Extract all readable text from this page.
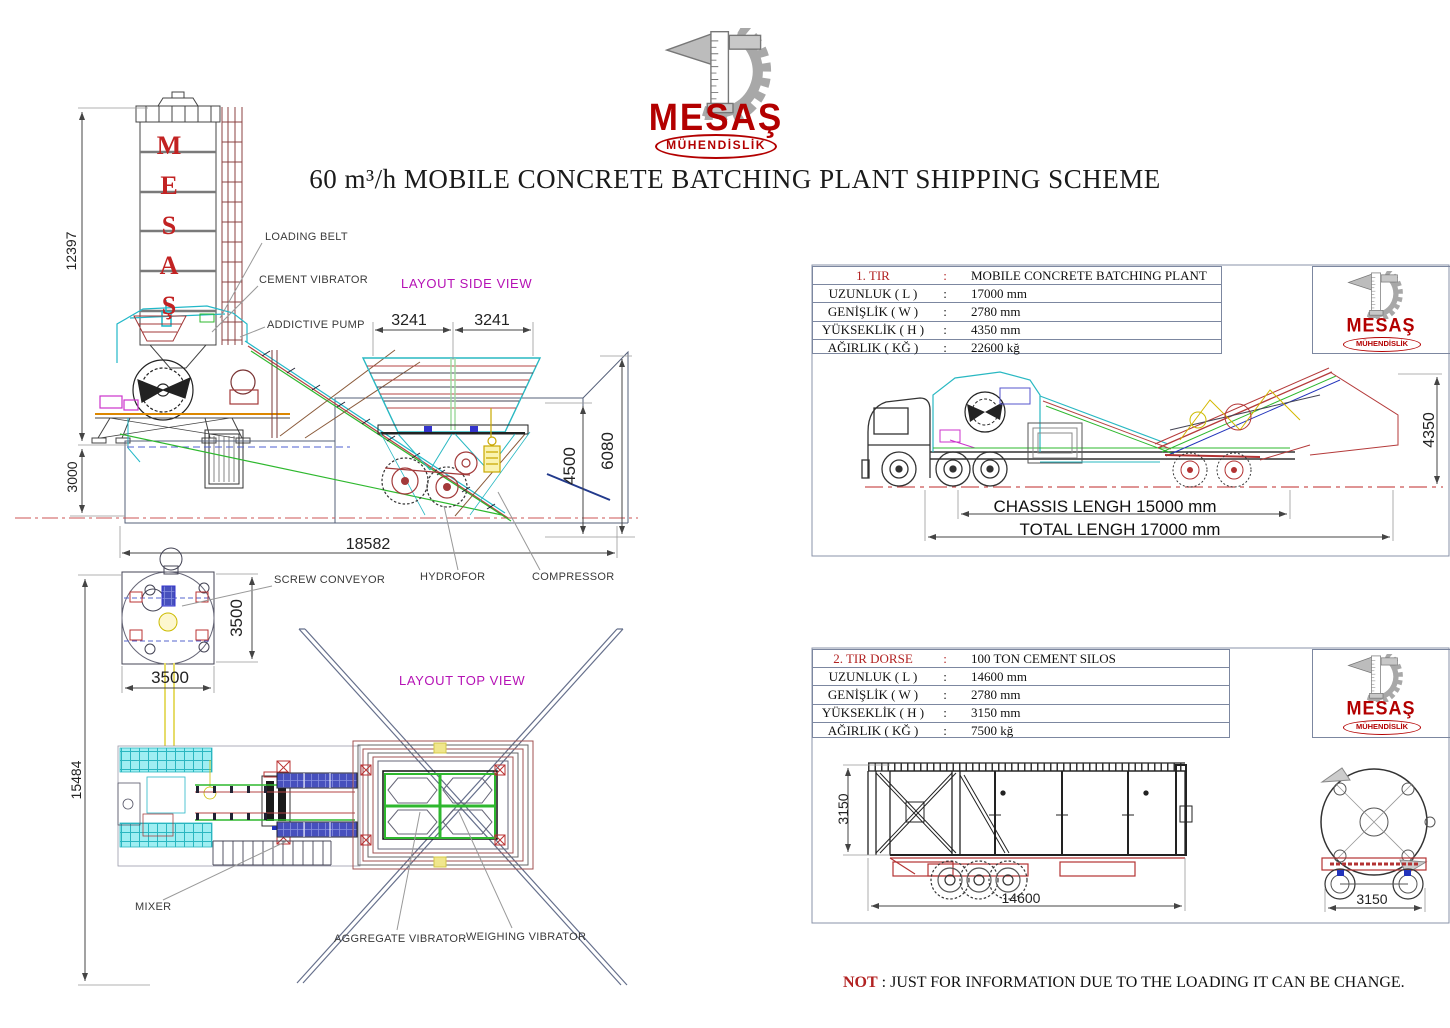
60 m³/h MOBILE CONCRETE BATCHING PLANT SHIPPING SCHEME
MESAŞ
MÜHENDİSLİK
M
E
S
A
Ş
LOADING BELT
CEMENT VIBRATOR
ADDICTIVE PUMP
LAYOUT SIDE VIEW
HYDROFOR	COMPRESSOR
12397
3000
18582
3241	3241
4500 6080
SCREW CONVEYOR
LAYOUT TOP VIEW
MIXER
AGGREGATE VIBRATOR WEIGHING VIBRATOR
3500
3500
15484
1. TIR	:	MOBILE CONCRETE BATCHING PLANT
UZUNLUK ( L )	:	17000 mm
GENİŞLİK ( W )	:	2780 mm
YÜKSEKLİK ( H )	:	4350 mm
AĞIRLIK ( KĞ )	:	22600 kğ
MESAŞ
MÜHENDİSLİK
4350
CHASSIS LENGH 15000 mm
TOTAL LENGH 17000 mm
2. TIR DORSE	:	100 TON CEMENT SILOS
UZUNLUK ( L )	:	14600 mm
GENİŞLİK ( W )	:	2780 mm
YÜKSEKLİK ( H )	:	3150 mm
AĞIRLIK ( KĞ )	:	7500 kğ
MESAŞ
MÜHENDİSLİK
3150
14600	3150
NOT : JUST FOR INFORMATION DUE TO THE LOADING IT CAN BE CHANGE.
